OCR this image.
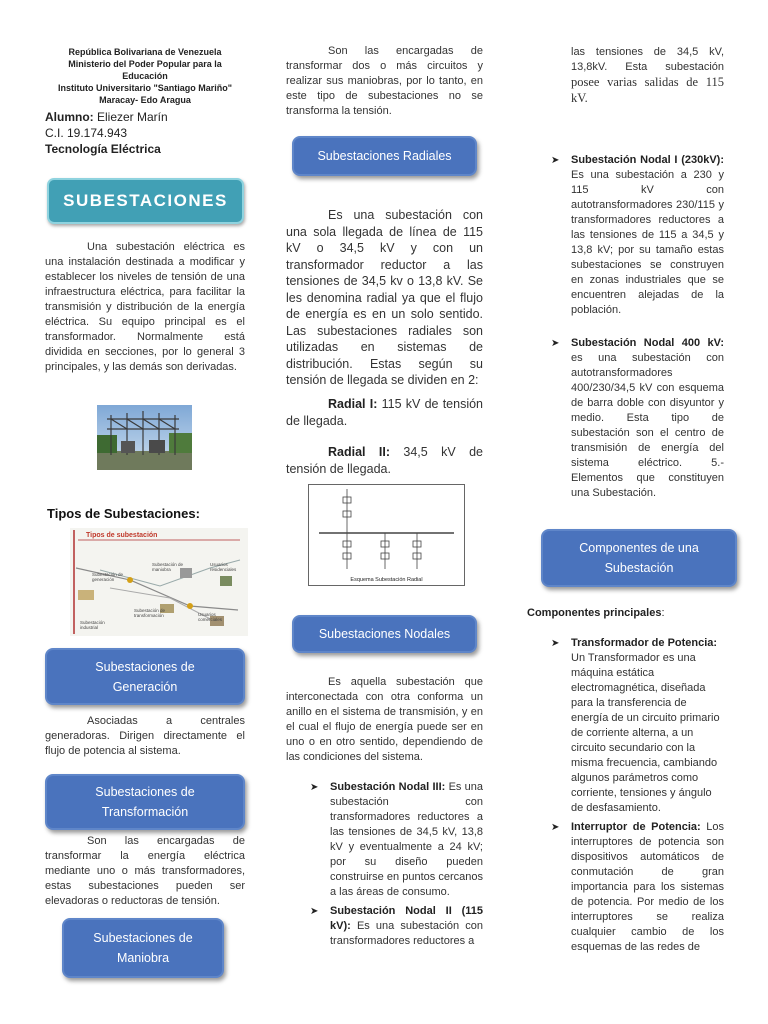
República Bolivariana de Venezuela
Ministerio del Poder Popular para la Educación
Instituto Universitario "Santiago Mariño"
Maracay- Edo Aragua
Alumno: Eliezer Marín
C.I. 19.174.943
Tecnología Eléctrica
SUBESTACIONES

Una subestación eléctrica es una instalación destinada a modificar y establecer los niveles de tensión de una infraestructura eléctrica, para facilitar la transmisión y distribución de la energía eléctrica. Su equipo principal es el transformador. Normalmente está dividida en secciones, por lo general 3 principales, y las demás son derivadas.

Tipos de Subestaciones:
Tipos de subestación
Subestación de generación
Subestación de maniobra
Usuarios residenciales
Subestación de transformación
Subestación industrial
Usuarios comerciales
Subestaciones de Generación

Asociadas a centrales generadoras. Dirigen directamente el flujo de potencia al sistema.

Subestaciones de Transformación

Son las encargadas de transformar la energía eléctrica mediante uno o más transformadores, estas subestaciones pueden ser elevadoras o reductoras de tensión.

Subestaciones de Maniobra

Son las encargadas de transformar dos o más circuitos y realizar sus maniobras, por lo tanto, en este tipo de subestaciones no se transforma la tensión.

Subestaciones Radiales

Es una subestación con una sola llegada de línea de 115 kV o 34,5 kV y con un transformador reductor a las tensiones de 34,5 kv o 13,8 kV. Se les denomina radial ya que el flujo de energía es en un solo sentido. Las subestaciones radiales son utilizadas en sistemas de distribución. Estas según su tensión de llegada se dividen en 2:

Radial I: 115 kV de tensión de llegada.

Radial II: 34,5 kV de tensión de llegada.

Esquema Subestación Radial
Subestaciones Nodales

Es aquella subestación que interconectada con otra conforma un anillo en el sistema de transmisión, y en el cual el flujo de energía puede ser en uno o en otro sentido, dependiendo de las condiciones del sistema.

➤ Subestación Nodal III: Es una subestación con transformadores reductores a las tensiones de 34,5 kV, 13,8 kV y eventualmente a 24 kV; por su diseño pueden construirse en puntos cercanos a las áreas de consumo.
➤ Subestación Nodal II (115 kV): Es una subestación con transformadores reductores a

las tensiones de 34,5 kV, 13,8kV. Esta subestación posee varias salidas de 115 kV.

➤ Subestación Nodal I (230kV): Es una subestación a 230 y 115 kV con autotransformadores 230/115 y transformadores reductores a las tensiones de 115 a 34,5 y 13,8 kV; por su tamaño estas subestaciones se construyen en zonas industriales que se encuentren alejadas de la población.
➤ Subestación Nodal 400 kV: es una subestación con autotransformadores 400/230/34,5 kV con esquema de barra doble con disyuntor y medio. Esta tipo de subestación son el centro de transmisión de energía del sistema eléctrico. 5.- Elementos que constituyen una Subestación.
Componentes de una Subestación
Componentes principales:
➤ Transformador de Potencia: Un Transformador es una máquina estática electromagnética, diseñada para la transferencia de energía de un circuito primario de corriente alterna, a un circuito secundario con la misma frecuencia, cambiando algunos parámetros como corriente, tensiones y ángulo de desfasamiento.
➤ Interruptor de Potencia: Los interruptores de potencia son dispositivos automáticos de conmutación de gran importancia para los sistemas de potencia. Por medio de los interruptores se realiza cualquier cambio de los esquemas de las redes de
